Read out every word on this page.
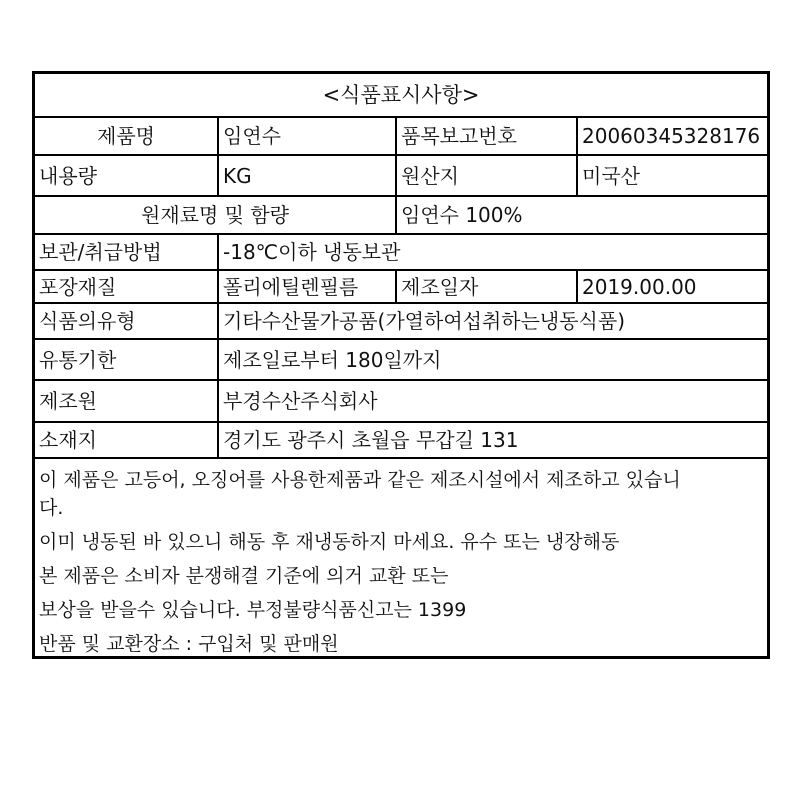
<식품표시사항>			
제품명	임연수	품목보고번호	20060345328176
내용량	KG	원산지	미국산
원재료명 및 함량		임연수 100%	
보관/취급방법	-18℃이하 냉동보관		
포장재질	폴리에틸렌필름	제조일자	2019.00.00
식품의유형	기타수산물가공품(가열하여섭취하는냉동식품)		
유통기한	제조일로부터 180일까지		
제조원	부경수산주식회사		
소재지	경기도 광주시 초월읍 무갑길 131		
이 제품은 고등어, 오징어를 사용한제품과 같은 제조시설에서 제조하고 있습니
다.
이미 냉동된 바 있으니 해동 후 재냉동하지 마세요. 유수 또는 냉장해동
본 제품은 소비자 분쟁해결 기준에 의거 교환 또는
보상을 받을수 있습니다. 부정불량식품신고는 1399
반품 및 교환장소 : 구입처 및 판매원
